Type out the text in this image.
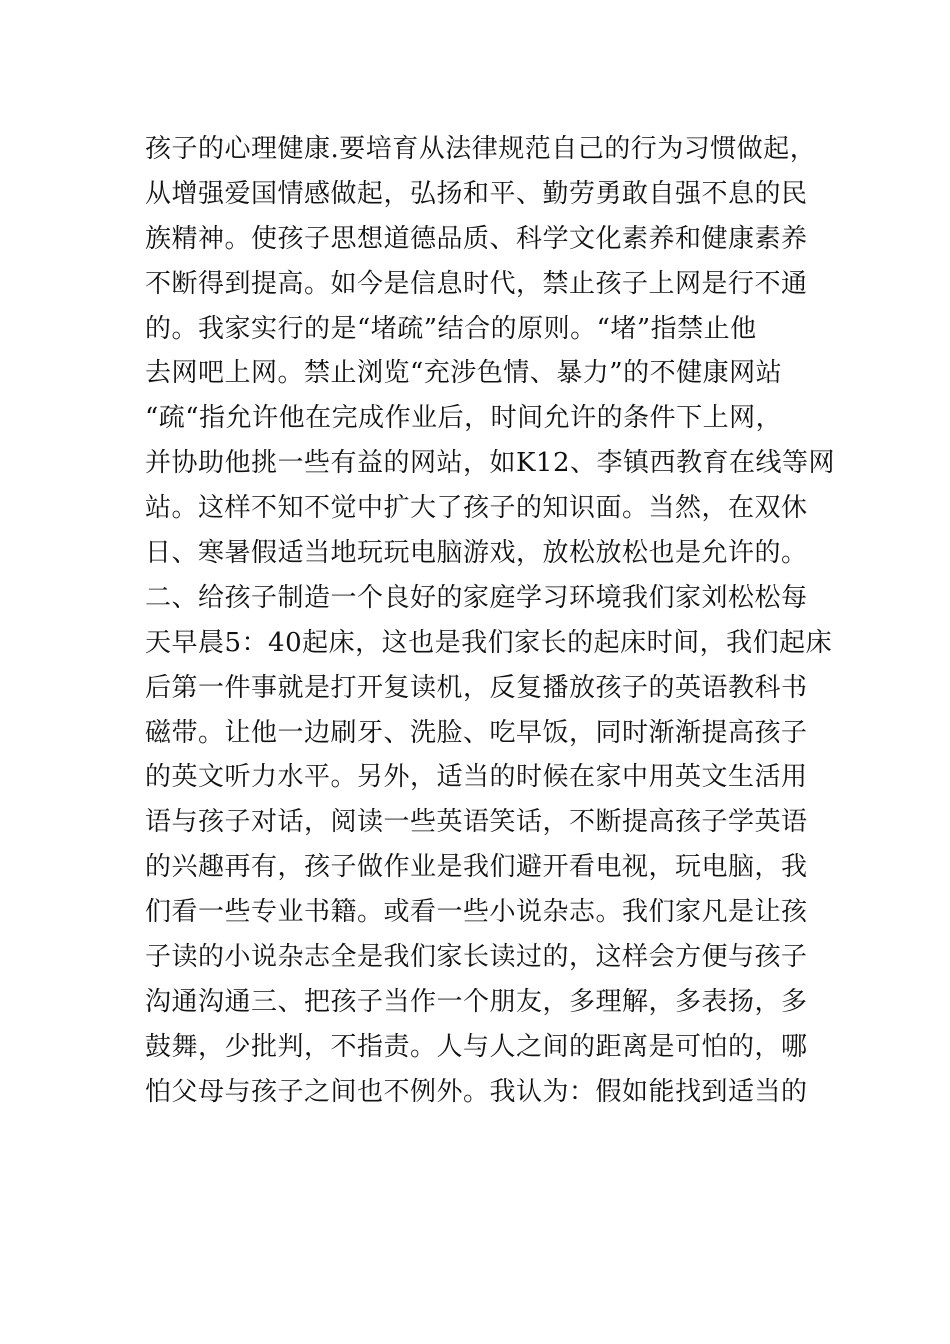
孩子的心理健康.要培育从法律规范自己的行为习惯做起，
从增强爱国情感做起，弘扬和平、勤劳勇敢自强不息的民
族精神。使孩子思想道德品质、科学文化素养和健康素养
不断得到提高。如今是信息时代，禁止孩子上网是行不通
的。我家实行的是“堵疏”结合的原则。“堵”指禁止他
去网吧上网。禁止浏览“充涉色情、暴力”的不健康网站
“疏“指允许他在完成作业后，时间允许的条件下上网，
并协助他挑一些有益的网站，如K12、李镇西教育在线等网
站。这样不知不觉中扩大了孩子的知识面。当然，在双休
日、寒暑假适当地玩玩电脑游戏，放松放松也是允许的。
二、给孩子制造一个良好的家庭学习环境我们家刘松松每
天早晨5：40起床，这也是我们家长的起床时间，我们起床
后第一件事就是打开复读机，反复播放孩子的英语教科书
磁带。让他一边刷牙、洗脸、吃早饭，同时渐渐提高孩子
的英文听力水平。另外，适当的时候在家中用英文生活用
语与孩子对话，阅读一些英语笑话，不断提高孩子学英语
的兴趣再有，孩子做作业是我们避开看电视，玩电脑，我
们看一些专业书籍。或看一些小说杂志。我们家凡是让孩
子读的小说杂志全是我们家长读过的，这样会方便与孩子
沟通沟通三、把孩子当作一个朋友，多理解，多表扬，多
鼓舞，少批判，不指责。人与人之间的距离是可怕的，哪
怕父母与孩子之间也不例外。我认为：假如能找到适当的
